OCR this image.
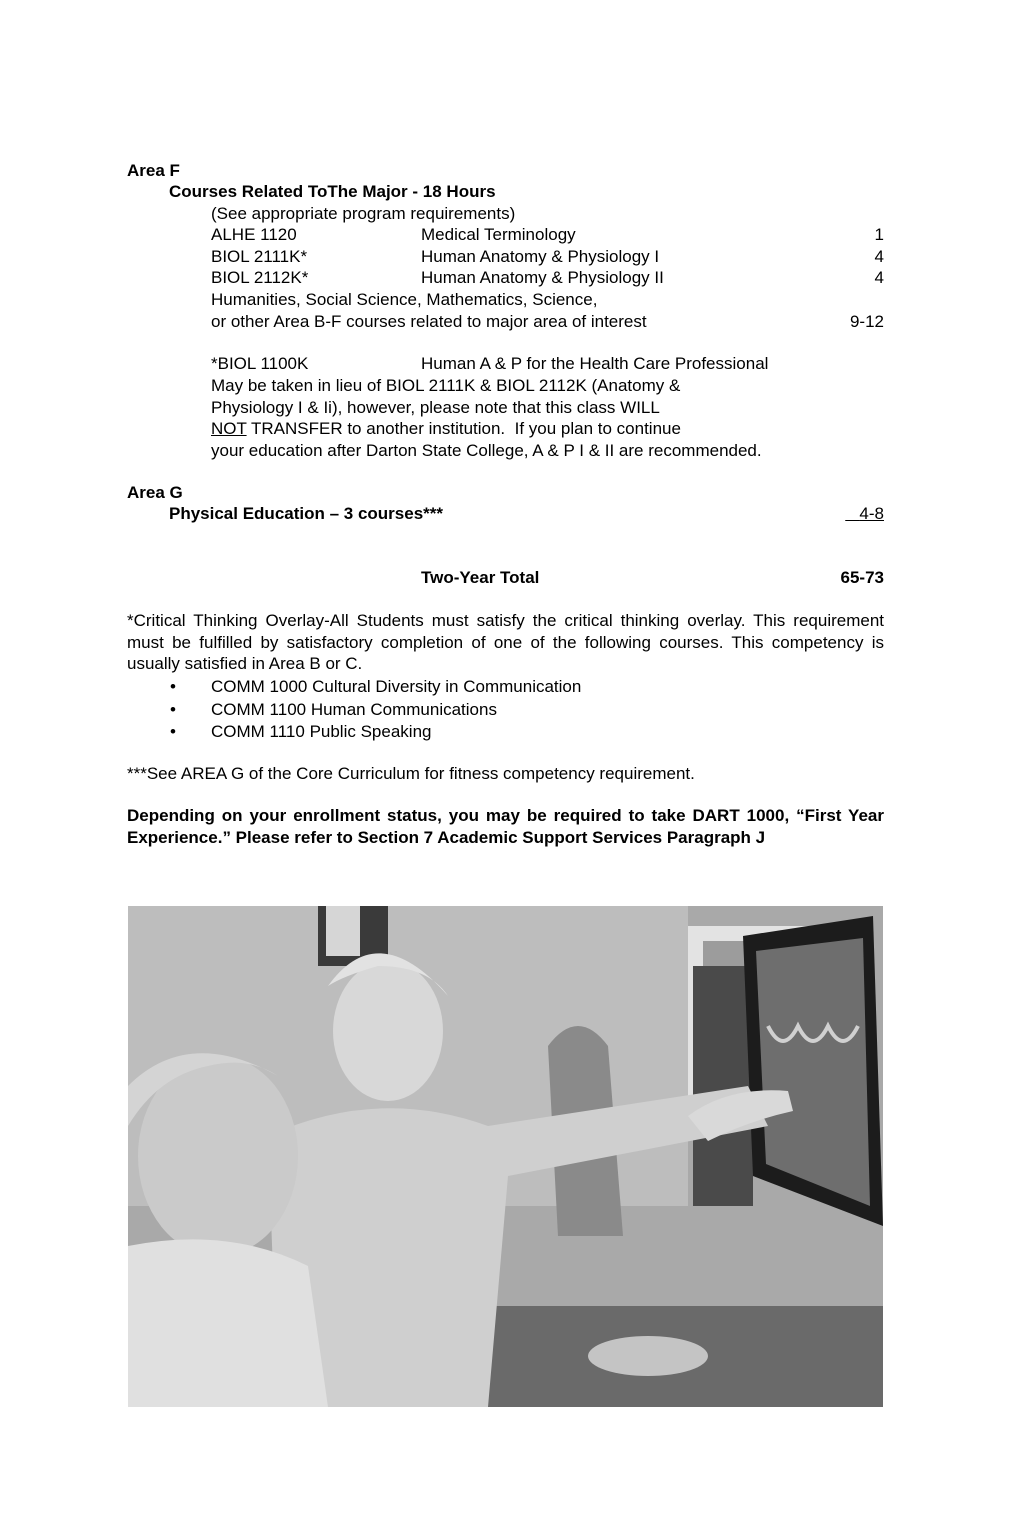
Area F
Courses Related ToThe Major - 18 Hours
(See appropriate program requirements)
ALHE 1120	Medical Terminology	1
BIOL 2111K*	Human Anatomy & Physiology I	4
BIOL 2112K*	Human Anatomy & Physiology II	4
Humanities, Social Science, Mathematics, Science,
or other Area B-F courses related to major area of interest	9-12
*BIOL 1100K	Human A & P for the Health Care Professional
May be taken in lieu of BIOL 2111K & BIOL 2112K (Anatomy &
Physiology I & Ii), however, please note that this class WILL
NOT TRANSFER to another institution.  If you plan to continue
your education after Darton State College, A & P I & II are recommended.
Area G
Physical Education – 3 courses***	4-8
Two-Year Total	65-73
*Critical Thinking Overlay-All Students must satisfy the critical thinking overlay. This requirement must be fulfilled by satisfactory completion of one of the following courses. This competency is usually satisfied in Area B or C.
• COMM 1000 Cultural Diversity in Communication
• COMM 1100 Human Communications
• COMM 1110 Public Speaking
***See AREA G of the Core Curriculum for fitness competency requirement.
Depending on your enrollment status, you may be required to take DART 1000, “First Year Experience.” Please refer to Section 7 Academic Support Services Paragraph J
